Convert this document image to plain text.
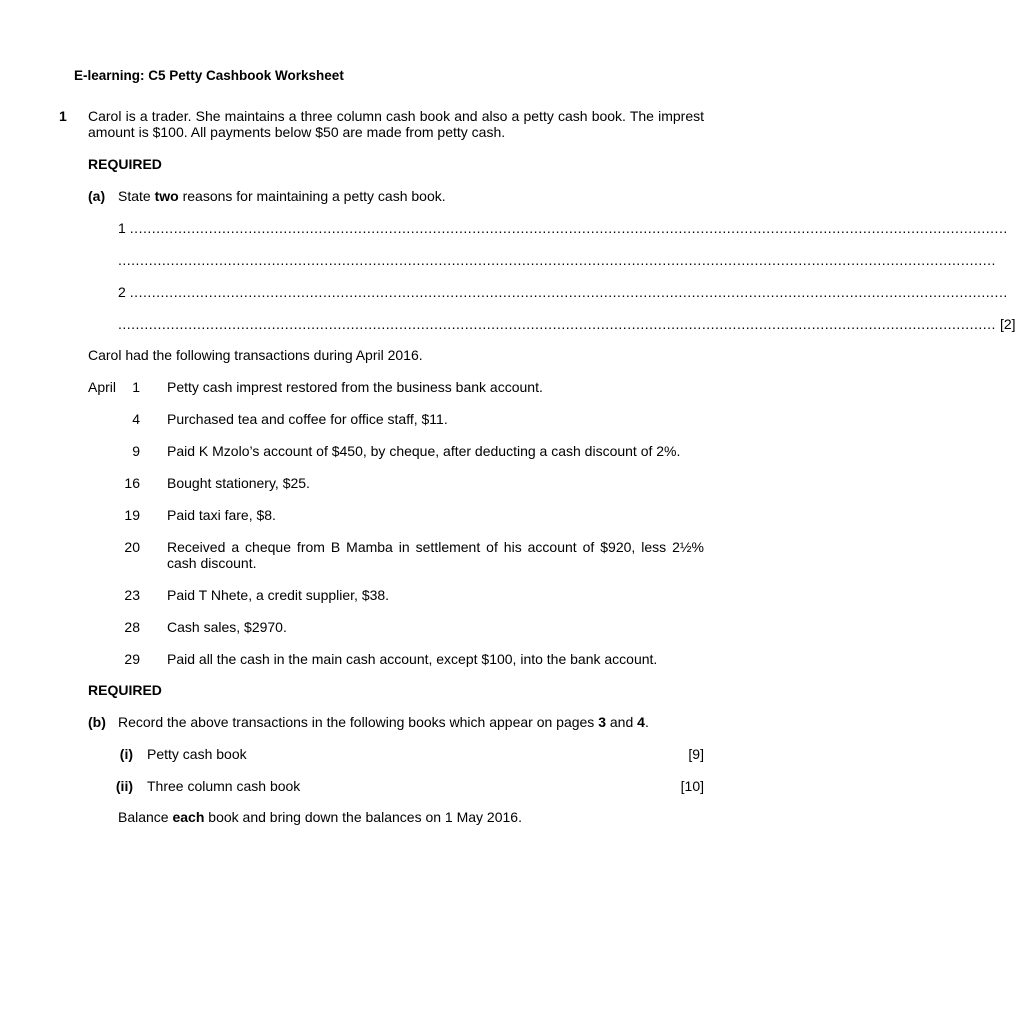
E-learning: C5 Petty Cashbook Worksheet
1 Carol is a trader. She maintains a three column cash book and also a petty cash book. The imprest amount is $100. All payments below $50 are made from petty cash.
REQUIRED
(a) State two reasons for maintaining a petty cash book.
1 ........................................................................................................................................................................................................
........................................................................................................................................................................................................
2 ........................................................................................................................................................................................................
........................................................................................................................................................................................................ [2]
Carol had the following transactions during April 2016.
April	1 Petty cash imprest restored from the business bank account.
4 Purchased tea and coffee for office staff, $11.
9 Paid K Mzolo’s account of $450, by cheque, after deducting a cash discount of 2%.
16 Bought stationery, $25.
19 Paid taxi fare, $8.
20 Received a cheque from B Mamba in settlement of his account of $920, less 2½% cash discount.
23 Paid T Nhete, a credit supplier, $38.
28 Cash sales, $2970.
29 Paid all the cash in the main cash account, except $100, into the bank account.
REQUIRED
(b) Record the above transactions in the following books which appear on pages 3 and 4.
(i) Petty cash book	[9]
(ii) Three column cash book	[10]
Balance each book and bring down the balances on 1 May 2016.
